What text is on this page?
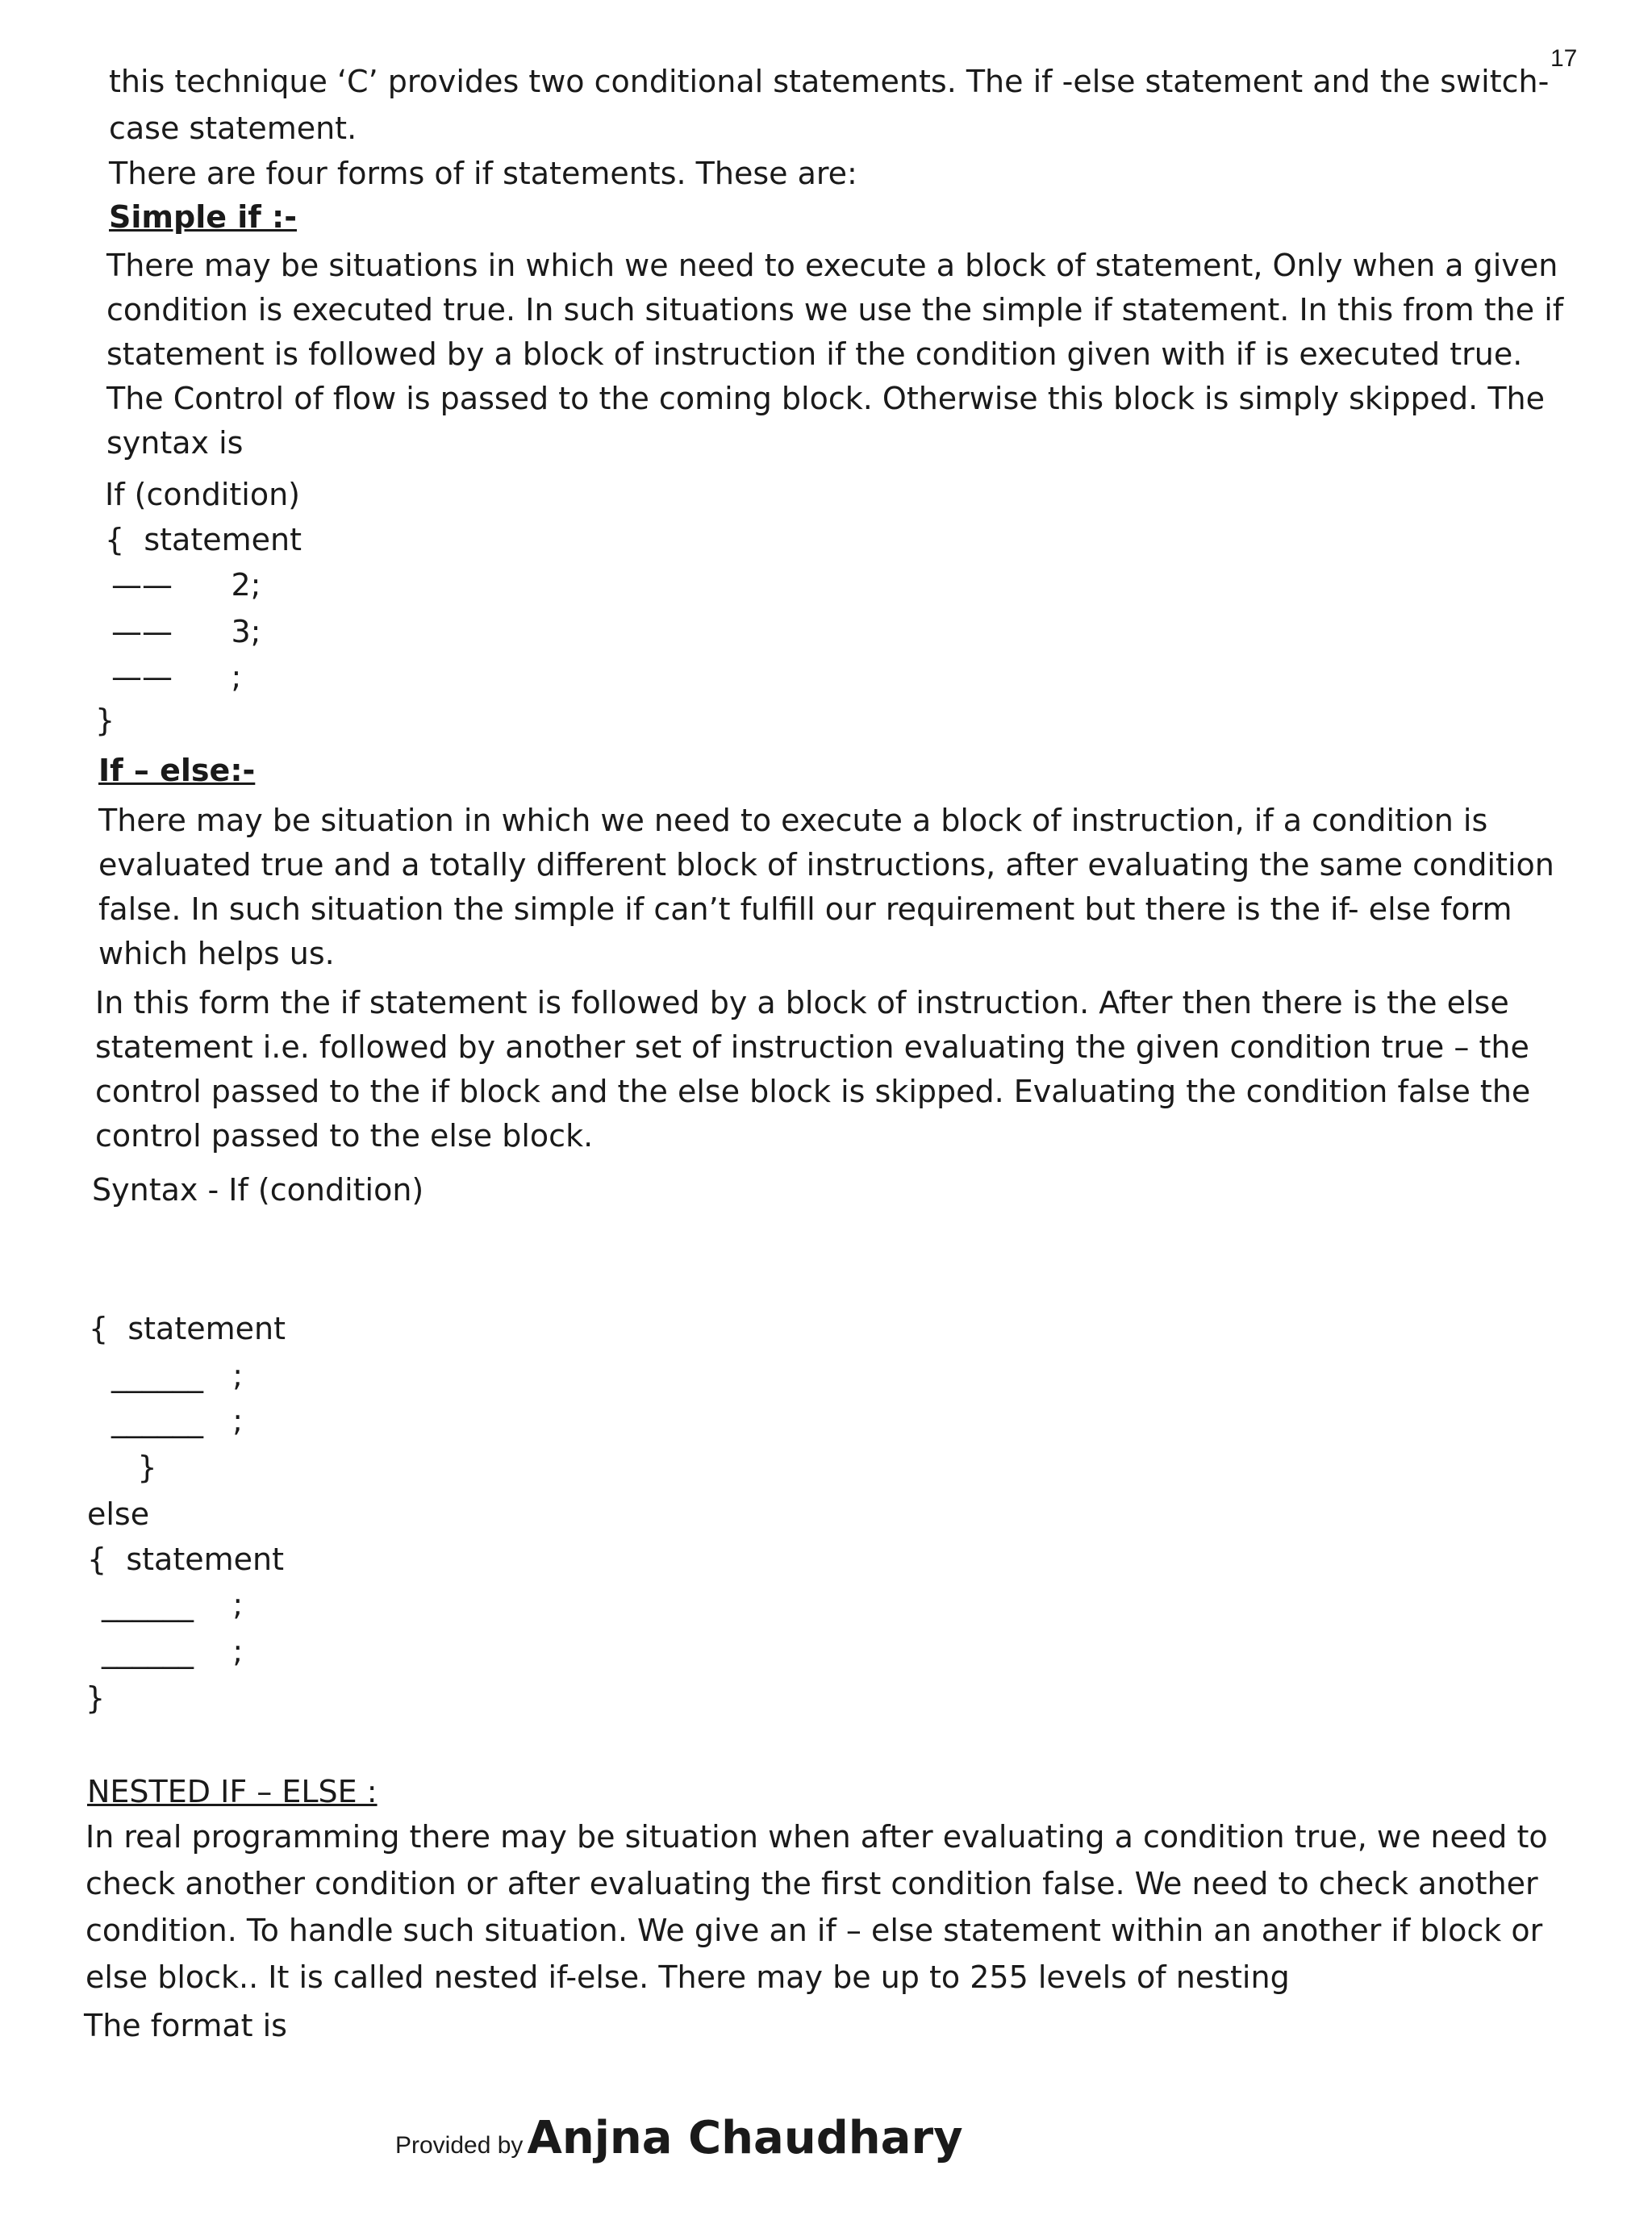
17
this technique ‘C’ provides two conditional statements. The if -else statement and the switch-
case statement.
There are four forms of if statements. These are:
Simple if :-
There may be situations in which we need to execute a block of statement, Only when a given condition is executed true. In such situations we use the simple if statement. In this from the if statement is followed by a block of instruction if the condition given with if is executed true. The Control of flow is passed to the coming block. Otherwise this block is simply skipped. The syntax is
If (condition)
{  statement
——      2;
——      3;
——      ;
}
If – else:-
There may be situation in which we need to execute a block of instruction, if a condition is evaluated true and a totally different block of instructions, after evaluating the same condition false. In such situation the simple if can’t fulfill our requirement but there is the if- else form which helps us.
In this form the if statement is followed by a block of instruction. After then there is the else statement i.e. followed by another set of instruction evaluating the given condition true – the control passed to the if block and the else block is skipped. Evaluating the condition false the control passed to the else block.
Syntax - If (condition)
{  statement
______   ;
______   ;
}
else
{  statement
______    ;
______    ;
}
NESTED IF – ELSE :
In real programming there may be situation when after evaluating a condition true, we need to check another condition or after evaluating the first condition false. We need to check another condition. To handle such situation. We give an if – else statement within an another if block or else block.. It is called nested if-else. There may be up to 255 levels of nesting
The format is
Provided by Anjna Chaudhary
